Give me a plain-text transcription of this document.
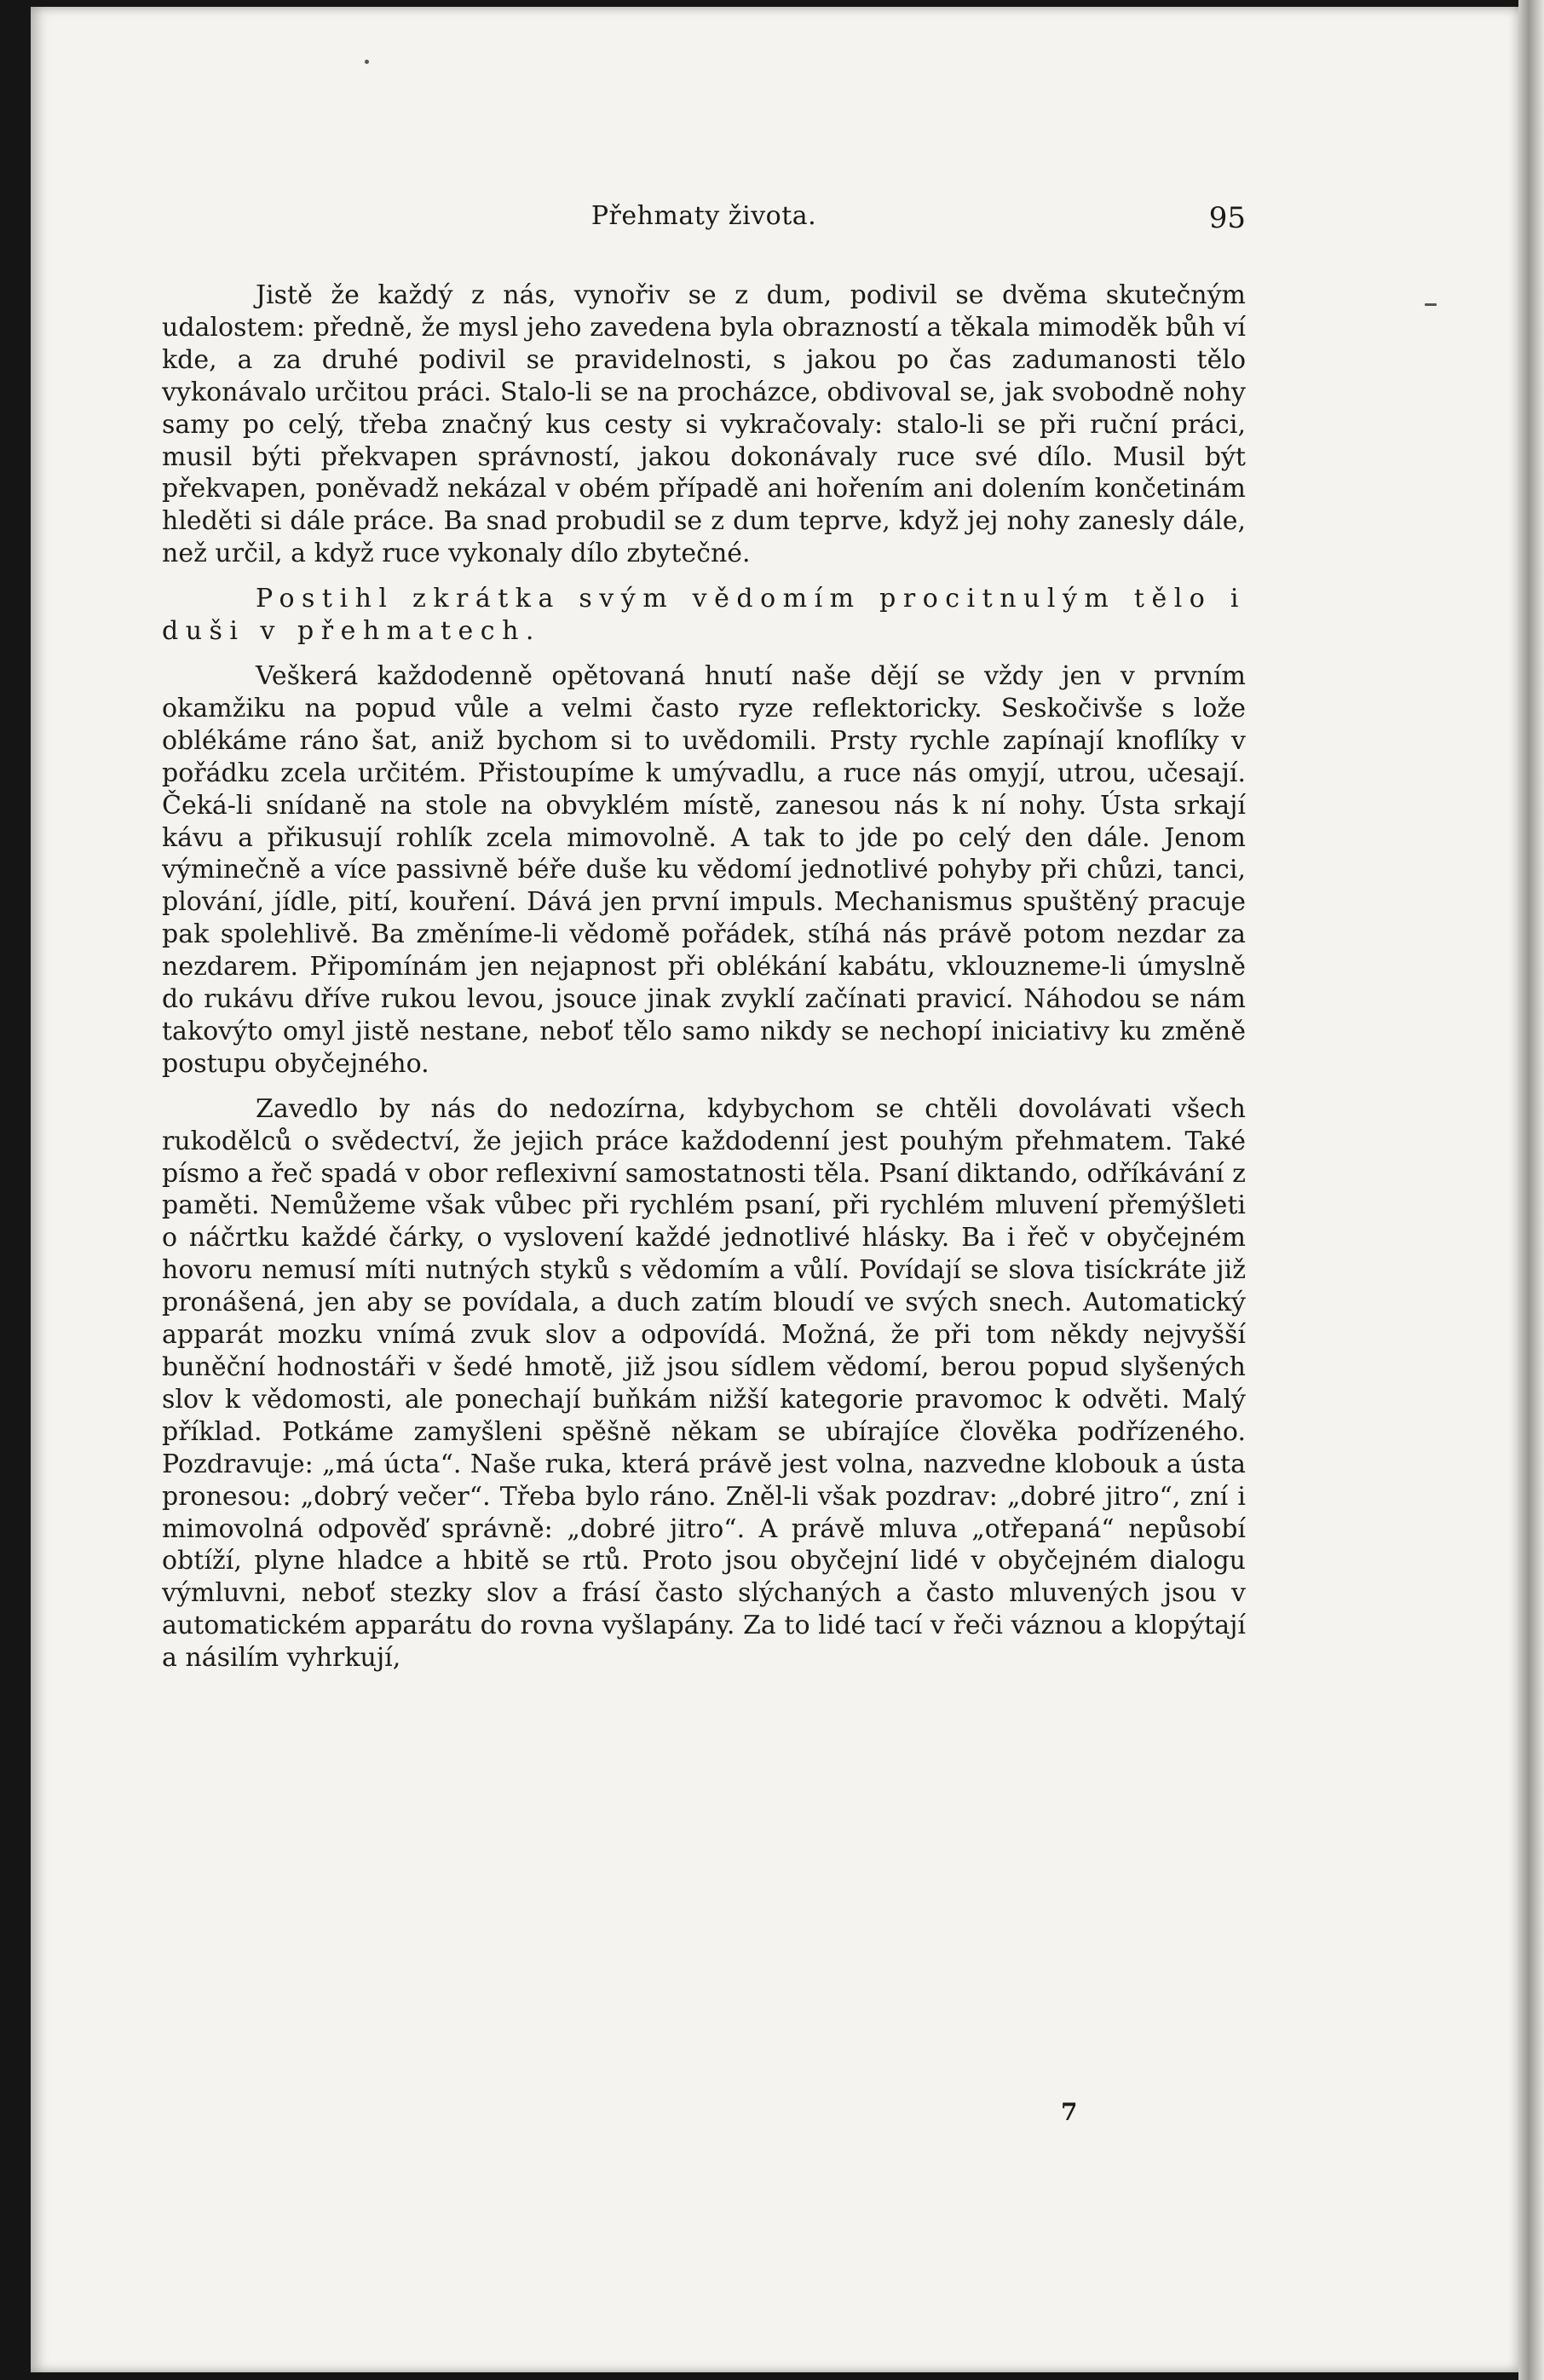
Přehmaty života.	95

Jistě že každý z nás, vynořiv se z dum, podivil se dvěma skutečným udalostem: předně, že mysl jeho zavedena byla obrazností a těkala mimoděk bůh ví kde, a za druhé podivil se pravidelnosti, s jakou po čas zadumanosti tělo vykonávalo určitou práci. Stalo-li se na procházce, obdivoval se, jak svobodně nohy samy po celý, třeba značný kus cesty si vykračovaly: stalo-li se při ruční práci, musil býti překvapen správností, jakou dokonávaly ruce své dílo. Musil být překvapen, poněvadž nekázal v obém případě ani hořením ani dolením končetinám hleděti si dále práce. Ba snad probudil se z dum teprve, když jej nohy zanesly dále, než určil, a když ruce vykonaly dílo zbytečné.

Postihl zkrátka svým vědomím procitnulým tělo i duši v přehmatech.

Veškerá každodenně opětovaná hnutí naše dějí se vždy jen v prvním okamžiku na popud vůle a velmi často ryze reflektoricky. Seskočivše s lože oblékáme ráno šat, aniž bychom si to uvědomili. Prsty rychle zapínají knoflíky v pořádku zcela určitém. Přistoupíme k umývadlu, a ruce nás omyjí, utrou, učesají. Čeká-li snídaně na stole na obvyklém místě, zanesou nás k ní nohy. Ústa srkají kávu a přikusují rohlík zcela mimovolně. A tak to jde po celý den dále. Jenom výminečně a více passivně béře duše ku vědomí jednotlivé pohyby při chůzi, tanci, plování, jídle, pití, kouření. Dává jen první impuls. Mechanismus spuštěný pracuje pak spolehlivě. Ba změníme-li vědomě pořádek, stíhá nás právě potom nezdar za nezdarem. Připomínám jen nejapnost při oblékání kabátu, vklouzneme-li úmyslně do rukávu dříve rukou levou, jsouce jinak zvyklí začínati pravicí. Náhodou se nám takovýto omyl jistě nestane, neboť tělo samo nikdy se nechopí iniciativy ku změně postupu obyčejného.

Zavedlo by nás do nedozírna, kdybychom se chtěli dovolávati všech rukodělců o svědectví, že jejich práce každodenní jest pouhým přehmatem. Také písmo a řeč spadá v obor reflexivní samostatnosti těla. Psaní diktando, odříkávání z paměti. Nemůžeme však vůbec při rychlém psaní, při rychlém mluvení přemýšleti o náčrtku každé čárky, o vyslovení každé jednotlivé hlásky. Ba i řeč v obyčejném hovoru nemusí míti nutných styků s vědomím a vůlí. Povídají se slova tisíckráte již pronášená, jen aby se povídala, a duch zatím bloudí ve svých snech. Automatický apparát mozku vnímá zvuk slov a odpovídá. Možná, že při tom někdy nejvyšší buněční hodnostáři v šedé hmotě, již jsou sídlem vědomí, berou popud slyšených slov k vědomosti, ale ponechají buňkám nižší kategorie pravomoc k odvěti. Malý příklad. Potkáme zamyšleni spěšně někam se ubírajíce člověka podřízeného. Pozdravuje: „má úcta“. Naše ruka, která právě jest volna, nazvedne klobouk a ústa pronesou: „dobrý večer“. Třeba bylo ráno. Zněl-li však pozdrav: „dobré jitro“, zní i mimovolná odpověď správně: „dobré jitro“. A právě mluva „otřepaná“ nepůsobí obtíží, plyne hladce a hbitě se rtů. Proto jsou obyčejní lidé v obyčejném dialogu výmluvni, neboť stezky slov a frásí často slýchaných a často mluvených jsou v automatickém apparátu do rovna vyšlapány. Za to lidé tací v řeči váznou a klopýtají a násilím vyhrkují,

7
